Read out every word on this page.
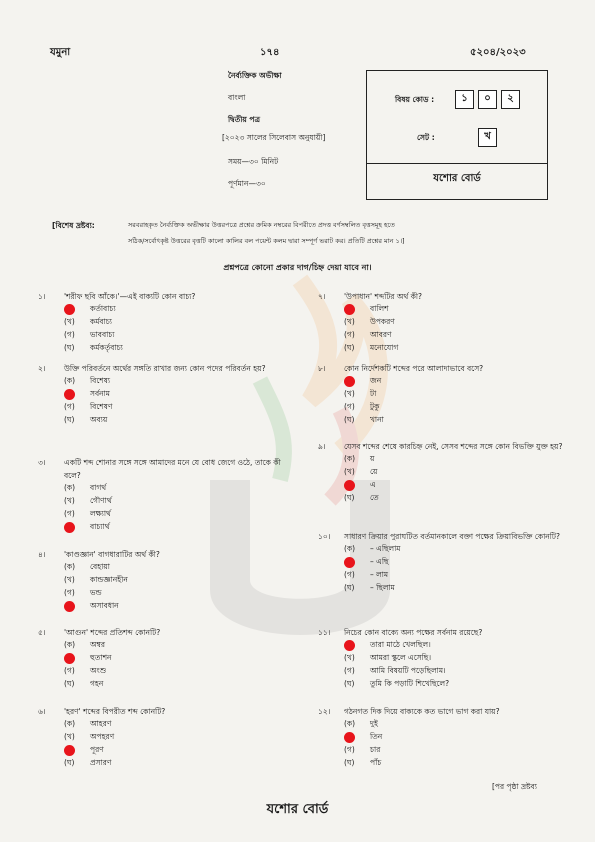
যমুনা	১৭৪	৫২০৪/২০২৩
নৈর্ব্যক্তিক অভীক্ষা
বাংলা
দ্বিতীয় পত্র
[২০২৩ সালের সিলেবাস অনুযায়ী]
সময়—৩০ মিনিট
পূর্ণমান—৩০
বিষয় কোড :	১	০	২
সেট :	খ
যশোর বোর্ড
[বিশেষ দ্রষ্টব্য:	সরবরাহকৃত নৈর্ব্যক্তিক অভীক্ষার উত্তরপত্রে প্রশ্নের ক্রমিক নম্বরের বিপরীতে প্রদত্ত বর্ণসম্বলিত বৃত্তসমূহ হতে
সঠিক/সর্বোৎকৃষ্ট উত্তরের বৃত্তটি কালো কালির বল পয়েন্ট কলম দ্বারা সম্পূর্ণ ভরাট কর। প্রতিটি প্রশ্নের মান ১।]
প্রশ্নপত্রে কোনো প্রকার দাগ/চিহ্ন দেয়া যাবে না।
১।	'শরীফ ছবি আঁকে।'—এই বাক্যটি কোন বাচ্য?
কর্তাবাচ্য
(খ)	কর্মবাচ্য
(গ)	ভাববাচ্য
(ঘ)	কর্মকর্তৃবাচ্য
২।	উক্তি পরিবর্তনে অর্থের সঙ্গতি রাখার জন্য কোন পদের পরিবর্তন হয়?
(ক)	বিশেষ্য
সর্বনাম
(গ)	বিশেষণ
(ঘ)	অব্যয়
৩।	একটি শব্দ শোনার সঙ্গে সঙ্গে আমাদের মনে যে বোধ জেগে ওঠে, তাকে কী বলে?
(ক)	বাগর্থ
(খ)	গৌণার্থ
(গ)	লক্ষ্যার্থ
বাচ্যার্থ
৪।	'কাণ্ডজ্ঞান' বাগধারাটির অর্থ কী?
(ক)	বেহায়া
(খ)	কান্ডজ্ঞানহীন
(গ)	ভন্ড
অসাবধান
৫।	'আগুন' শব্দের প্রতিশব্দ কোনটি?
(ক)	অম্বর
হুতাশন
(গ)	অংশু
(ঘ)	গহন
৬।	'হরণ' শব্দের বিপরীত শব্দ কোনটি?
(ক)	আহরণ
(খ)	অপহরণ
পূরণ
(ঘ)	প্রসারণ
৭।	'উপাধান' শব্দটির অর্থ কী?
বালিশ
(খ)	উপকরণ
(গ)	আবরণ
(ঘ)	মনোযোগ
৮।	কোন নির্দেশকটি শব্দের পরে আলাদাভাবে বসে?
জন
(খ)	টা
(গ)	টুকু
(ঘ)	খানা
৯।	যেসব শব্দের শেষে কারচিহ্ন নেই, সেসব শব্দের সঙ্গে কোন বিভক্তি যুক্ত হয়?
(ক)	য়
(খ)	য়ে
এ
(ঘ)	তে
১০।	সাধারণ ক্রিয়ার পুরাঘটিত বর্তমানকালে বক্তা পক্ষের ক্রিয়াবিভক্তি কোনটি?
(ক)	– এছিলাম
– এছি
(গ)	– লাম
(ঘ)	– ছিলাম
১১।	নিচের কোন বাক্যে অন্য পক্ষের সর্বনাম রয়েছে?
তারা মাঠে খেলছিল।
(খ)	আমরা স্কুলে এসেছি।
(গ)	আমি বিষয়টি পড়েছিলাম।
(ঘ)	তুমি কি পড়াটি শিখেছিলে?
১২।	গঠনগত দিক দিয়ে বাক্যকে কত ভাগে ভাগ করা যায়?
(ক)	দুই
তিন
(গ)	চার
(ঘ)	পাঁচ
[পর পৃষ্ঠা দ্রষ্টব্য
যশোর বোর্ড
